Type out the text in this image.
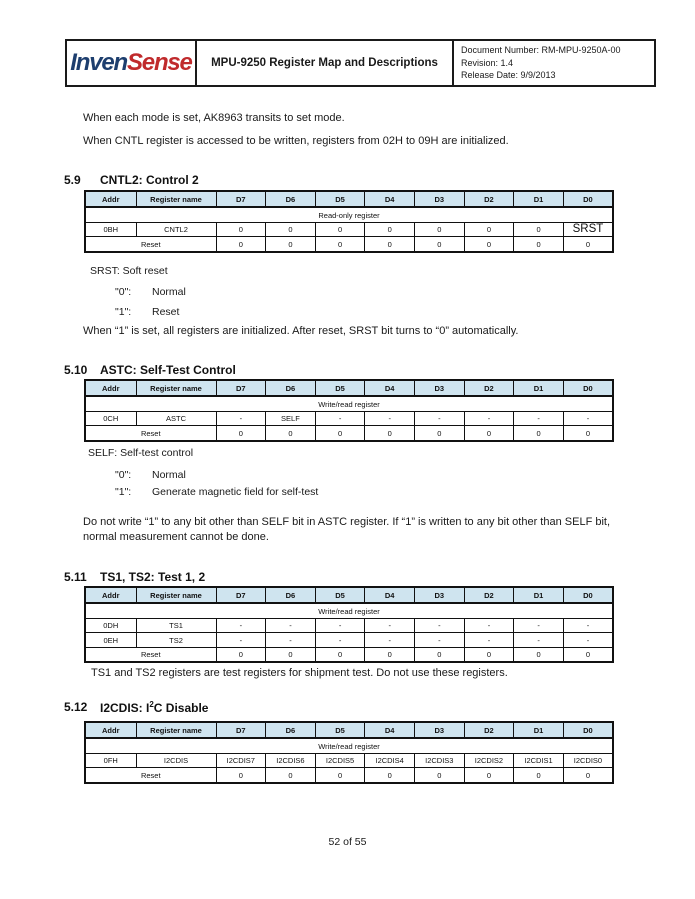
InvenSense	MPU-9250 Register Map and Descriptions
Document Number: RM-MPU-9250A-00
Revision: 1.4
Release Date: 9/9/2013
When each mode is set, AK8963 transits to set mode.
When CNTL register is accessed to be written, registers from 02H to 09H are initialized.
5.9	CNTL2: Control 2
Addr	Register name	D7	D6	D5	D4	D3	D2	D1	D0
Read-only register									
0BH	CNTL2	0	0	0	0	0	0	0	SRST
Reset		0	0	0	0	0	0	0	0
SRST: Soft reset
"0":	Normal
"1":	Reset
When “1” is set, all registers are initialized. After reset, SRST bit turns to “0” automatically.
5.10	ASTC: Self-Test Control
Addr	Register name	D7	D6	D5	D4	D3	D2	D1	D0
Write/read register									
0CH	ASTC	-	SELF	-	-	-	-	-	-
Reset		0	0	0	0	0	0	0	0
SELF: Self-test control
"0":	Normal
"1":	Generate magnetic field for self-test
Do not write “1” to any bit other than SELF bit in ASTC register. If “1” is written to any bit other than SELF bit, normal measurement cannot be done.
5.11	TS1, TS2: Test 1, 2
Addr	Register name	D7	D6	D5	D4	D3	D2	D1	D0
Write/read register									
0DH	TS1	-	-	-	-	-	-	-	-
0EH	TS2	-	-	-	-	-	-	-	-
Reset		0	0	0	0	0	0	0	0
TS1 and TS2 registers are test registers for shipment test. Do not use these registers.
5.12	I2CDIS: $I^2C$ Disable
Addr	Register name	D7	D6	D5	D4	D3	D2	D1	D0
Write/read register									
0FH	I2CDIS	I2CDIS7	I2CDIS6	I2CDIS5	I2CDIS4	I2CDIS3	I2CDIS2	I2CDIS1	I2CDIS0
Reset		0	0	0	0	0	0	0	0
52 of 55
